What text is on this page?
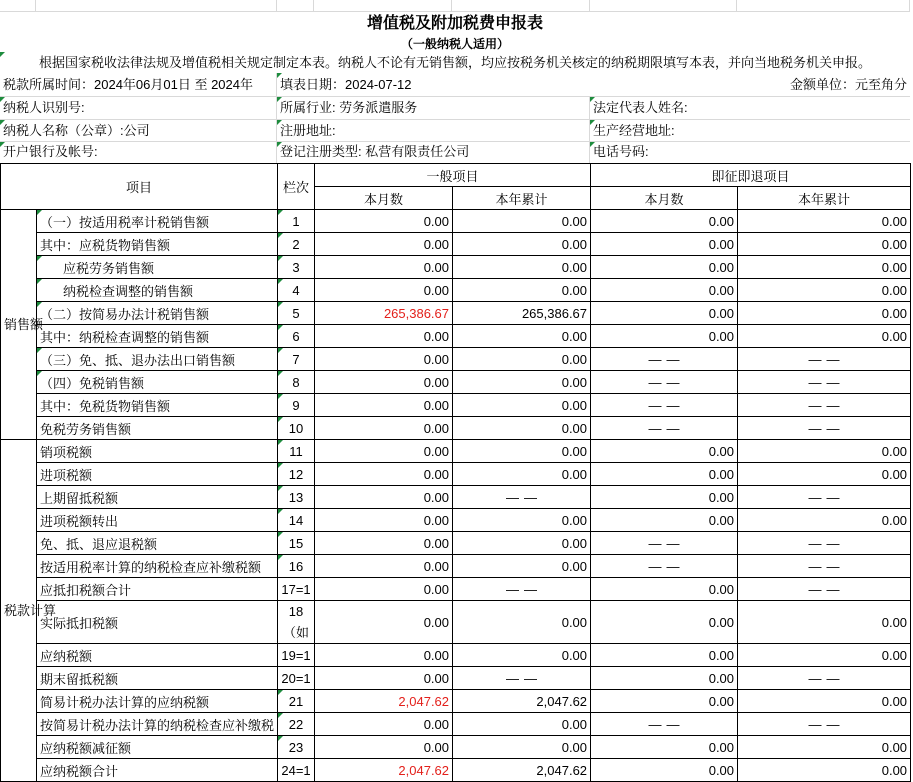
增值税及附加税费申报表
（一般纳税人适用）
根据国家税收法律法规及增值税相关规定制定本表。纳税人不论有无销售额，均应按税务机关核定的纳税期限填写本表，并向当地税务机关申报。
税款所属时间：2024年06月01日 至 2024年	填表日期：2024-07-12	金额单位：元至角分
纳税人识别号:	所属行业: 劳务派遣服务	法定代表人姓名:
纳税人名称（公章）:公司	注册地址:	生产经营地址:
开户银行及帐号:	登记注册类型: 私营有限责任公司	电话号码:
项目		栏次	一般项目		即征即退项目	
			本月数	本年累计	本月数	本年累计
销售额	（一）按适用税率计税销售额	1	0.00	0.00	0.00	0.00
	其中：应税货物销售额	2	0.00	0.00	0.00	0.00
	应税劳务销售额	3	0.00	0.00	0.00	0.00
	纳税检查调整的销售额	4	0.00	0.00	0.00	0.00
	（二）按简易办法计税销售额	5	265,386.67	265,386.67	0.00	0.00
	其中：纳税检查调整的销售额	6	0.00	0.00	0.00	0.00
	（三）免、抵、退办法出口销售额	7	0.00	0.00	——	——
	（四）免税销售额	8	0.00	0.00	——	——
	其中：免税货物销售额	9	0.00	0.00	——	——
	免税劳务销售额	10	0.00	0.00	——	——
税款计算	销项税额	11	0.00	0.00	0.00	0.00
	进项税额	12	0.00	0.00	0.00	0.00
	上期留抵税额	13	0.00	——	0.00	——
	进项税额转出	14	0.00	0.00	0.00	0.00
	免、抵、退应退税额	15	0.00	0.00	——	——
	按适用税率计算的纳税检查应补缴税额	16	0.00	0.00	——	——
	应抵扣税额合计	17=1	0.00	——	0.00	——
	实际抵扣税额	18（如	0.00	0.00	0.00	0.00
	应纳税额	19=1	0.00	0.00	0.00	0.00
	期末留抵税额	20=1	0.00	——	0.00	——
	简易计税办法计算的应纳税额	21	2,047.62	2,047.62	0.00	0.00
	按简易计税办法计算的纳税检查应补缴税	22	0.00	0.00	——	——
	应纳税额减征额	23	0.00	0.00	0.00	0.00
	应纳税额合计	24=1	2,047.62	2,047.62	0.00	0.00
